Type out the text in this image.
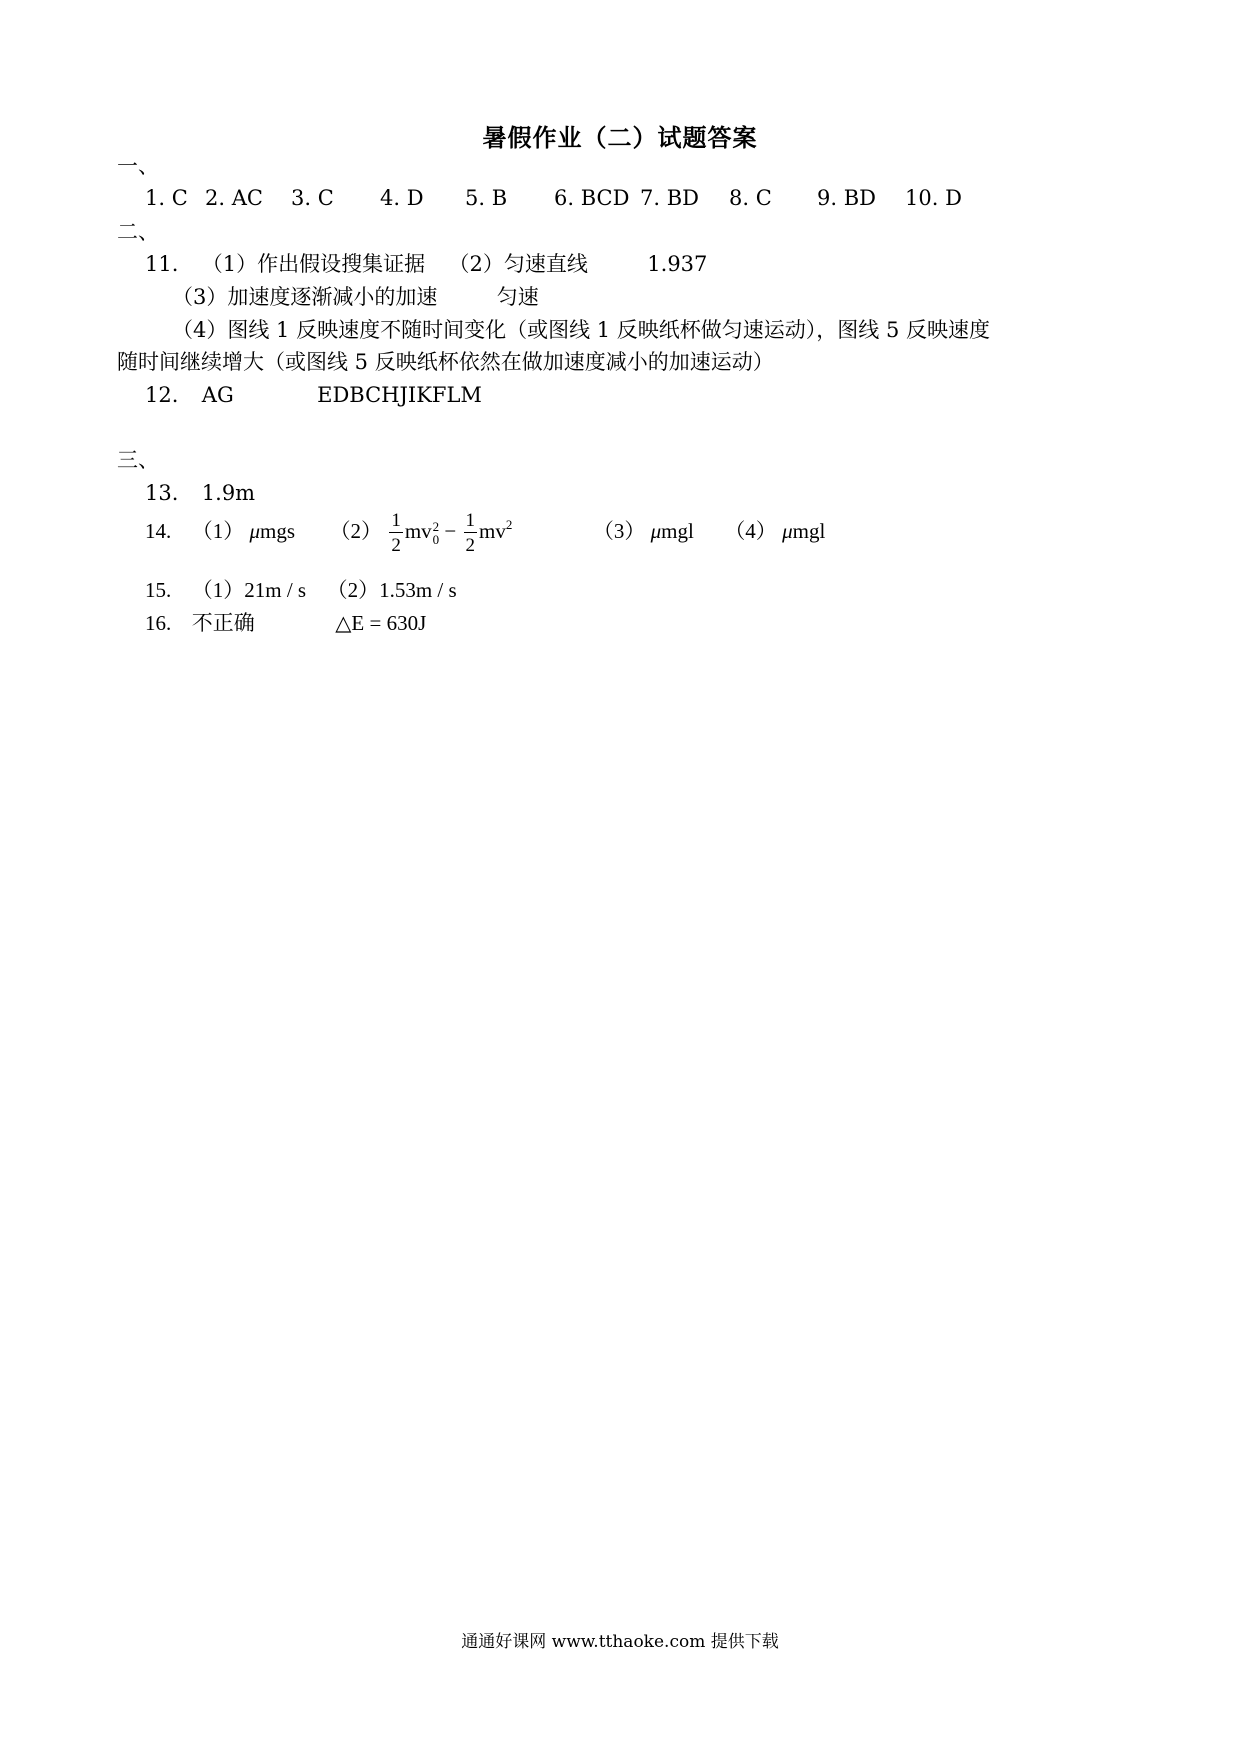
暑假作业（二）试题答案
一、
1. C 2. AC 3. C 4. D 5. B 6. BCD 7. BD 8. C 9. BD 10. D
二、
11. （1）作出假设搜集证据 （2）匀速直线	1.937
（3）加速度逐渐减小的加速	匀速
（4）图线 1 反映速度不随时间变化（或图线 1 反映纸杯做匀速运动），图线 5 反映速度
随时间继续增大（或图线 5 反映纸杯依然在做加速度减小的加速运动）
12. AG	EDBCHJIKFLM
三、
13. 1.9m
14. （1） μmgs $(2) \frac{1}{2}$ mv 2
$0 - \frac{1}{2} mv^2$	（3） μmgl （4） μmgl
15. （1）21m / s （2）1.53m / s
16. 不正确	△E = 630J
通通好课网 www.tthaoke.com 提供下载
